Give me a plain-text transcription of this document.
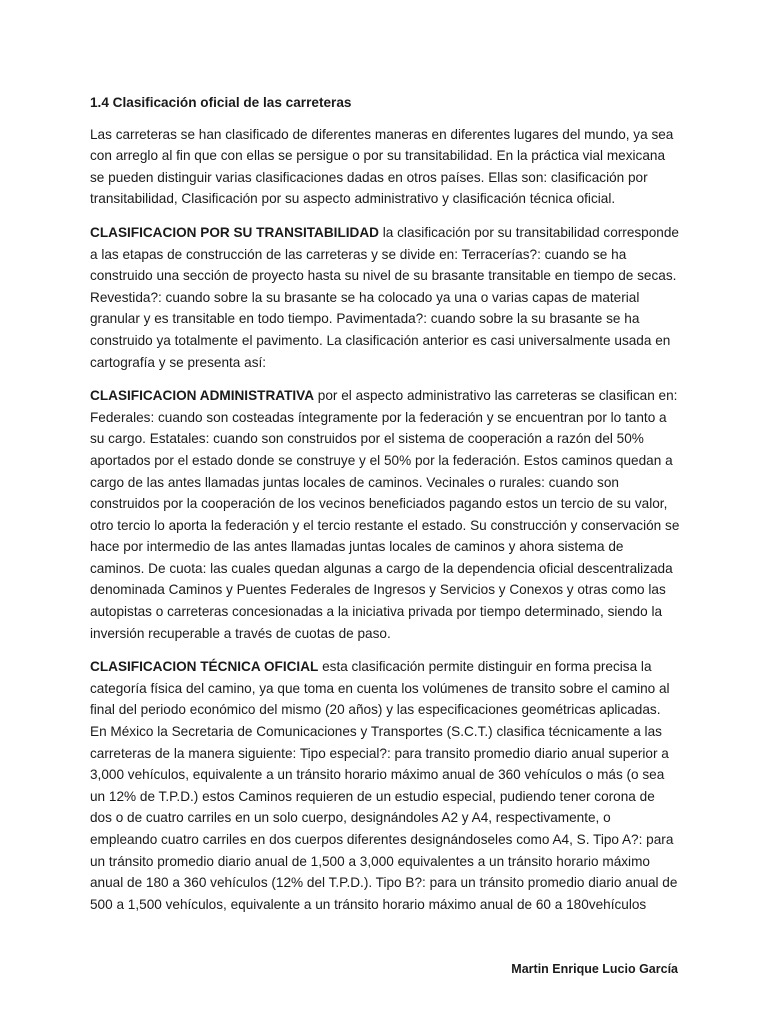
1.4 Clasificación oficial de las carreteras

Las carreteras se han clasificado de diferentes maneras en diferentes lugares del mundo, ya sea con arreglo al fin que con ellas se persigue o por su transitabilidad. En la práctica vial mexicana se pueden distinguir varias clasificaciones dadas en otros países. Ellas son: clasificación por transitabilidad, Clasificación por su aspecto administrativo y clasificación técnica oficial.

CLASIFICACION POR SU TRANSITABILIDAD la clasificación por su transitabilidad corresponde a las etapas de construcción de las carreteras y se divide en: Terracerías?: cuando se ha construido una sección de proyecto hasta su nivel de su brasante transitable en tiempo de secas. Revestida?: cuando sobre la su brasante se ha colocado ya una o varias capas de material granular y es transitable en todo tiempo. Pavimentada?: cuando sobre la su brasante se ha construido ya totalmente el pavimento. La clasificación anterior es casi universalmente usada en cartografía y se presenta así:

CLASIFICACION ADMINISTRATIVA por el aspecto administrativo las carreteras se clasifican en: Federales: cuando son costeadas íntegramente por la federación y se encuentran por lo tanto a su cargo. Estatales: cuando son construidos por el sistema de cooperación a razón del 50% aportados por el estado donde se construye y el 50% por la federación. Estos caminos quedan a cargo de las antes llamadas juntas locales de caminos. Vecinales o rurales: cuando son construidos por la cooperación de los vecinos beneficiados pagando estos un tercio de su valor, otro tercio lo aporta la federación y el tercio restante el estado. Su construcción y conservación se hace por intermedio de las antes llamadas juntas locales de caminos y ahora sistema de caminos. De cuota: las cuales quedan algunas a cargo de la dependencia oficial descentralizada denominada Caminos y Puentes Federales de Ingresos y Servicios y Conexos y otras como las autopistas o carreteras concesionadas a la iniciativa privada por tiempo determinado, siendo la inversión recuperable a través de cuotas de paso.

CLASIFICACION TÉCNICA OFICIAL esta clasificación permite distinguir en forma precisa la categoría física del camino, ya que toma en cuenta los volúmenes de transito sobre el camino al final del periodo económico del mismo (20 años) y las especificaciones geométricas aplicadas. En México la Secretaria de Comunicaciones y Transportes (S.C.T.) clasifica técnicamente a las carreteras de la manera siguiente: Tipo especial?: para transito promedio diario anual superior a 3,000 vehículos, equivalente a un tránsito horario máximo anual de 360 vehículos o más (o sea un 12% de T.P.D.) estos Caminos requieren de un estudio especial, pudiendo tener corona de dos o de cuatro carriles en un solo cuerpo, designándoles A2 y A4, respectivamente, o empleando cuatro carriles en dos cuerpos diferentes designándoseles como A4, S. Tipo A?: para un tránsito promedio diario anual de 1,500 a 3,000 equivalentes a un tránsito horario máximo anual de 180 a 360 vehículos (12% del T.P.D.). Tipo B?: para un tránsito promedio diario anual de 500 a 1,500 vehículos, equivalente a un tránsito horario máximo anual de 60 a 180vehículos

Martin Enrique Lucio García
